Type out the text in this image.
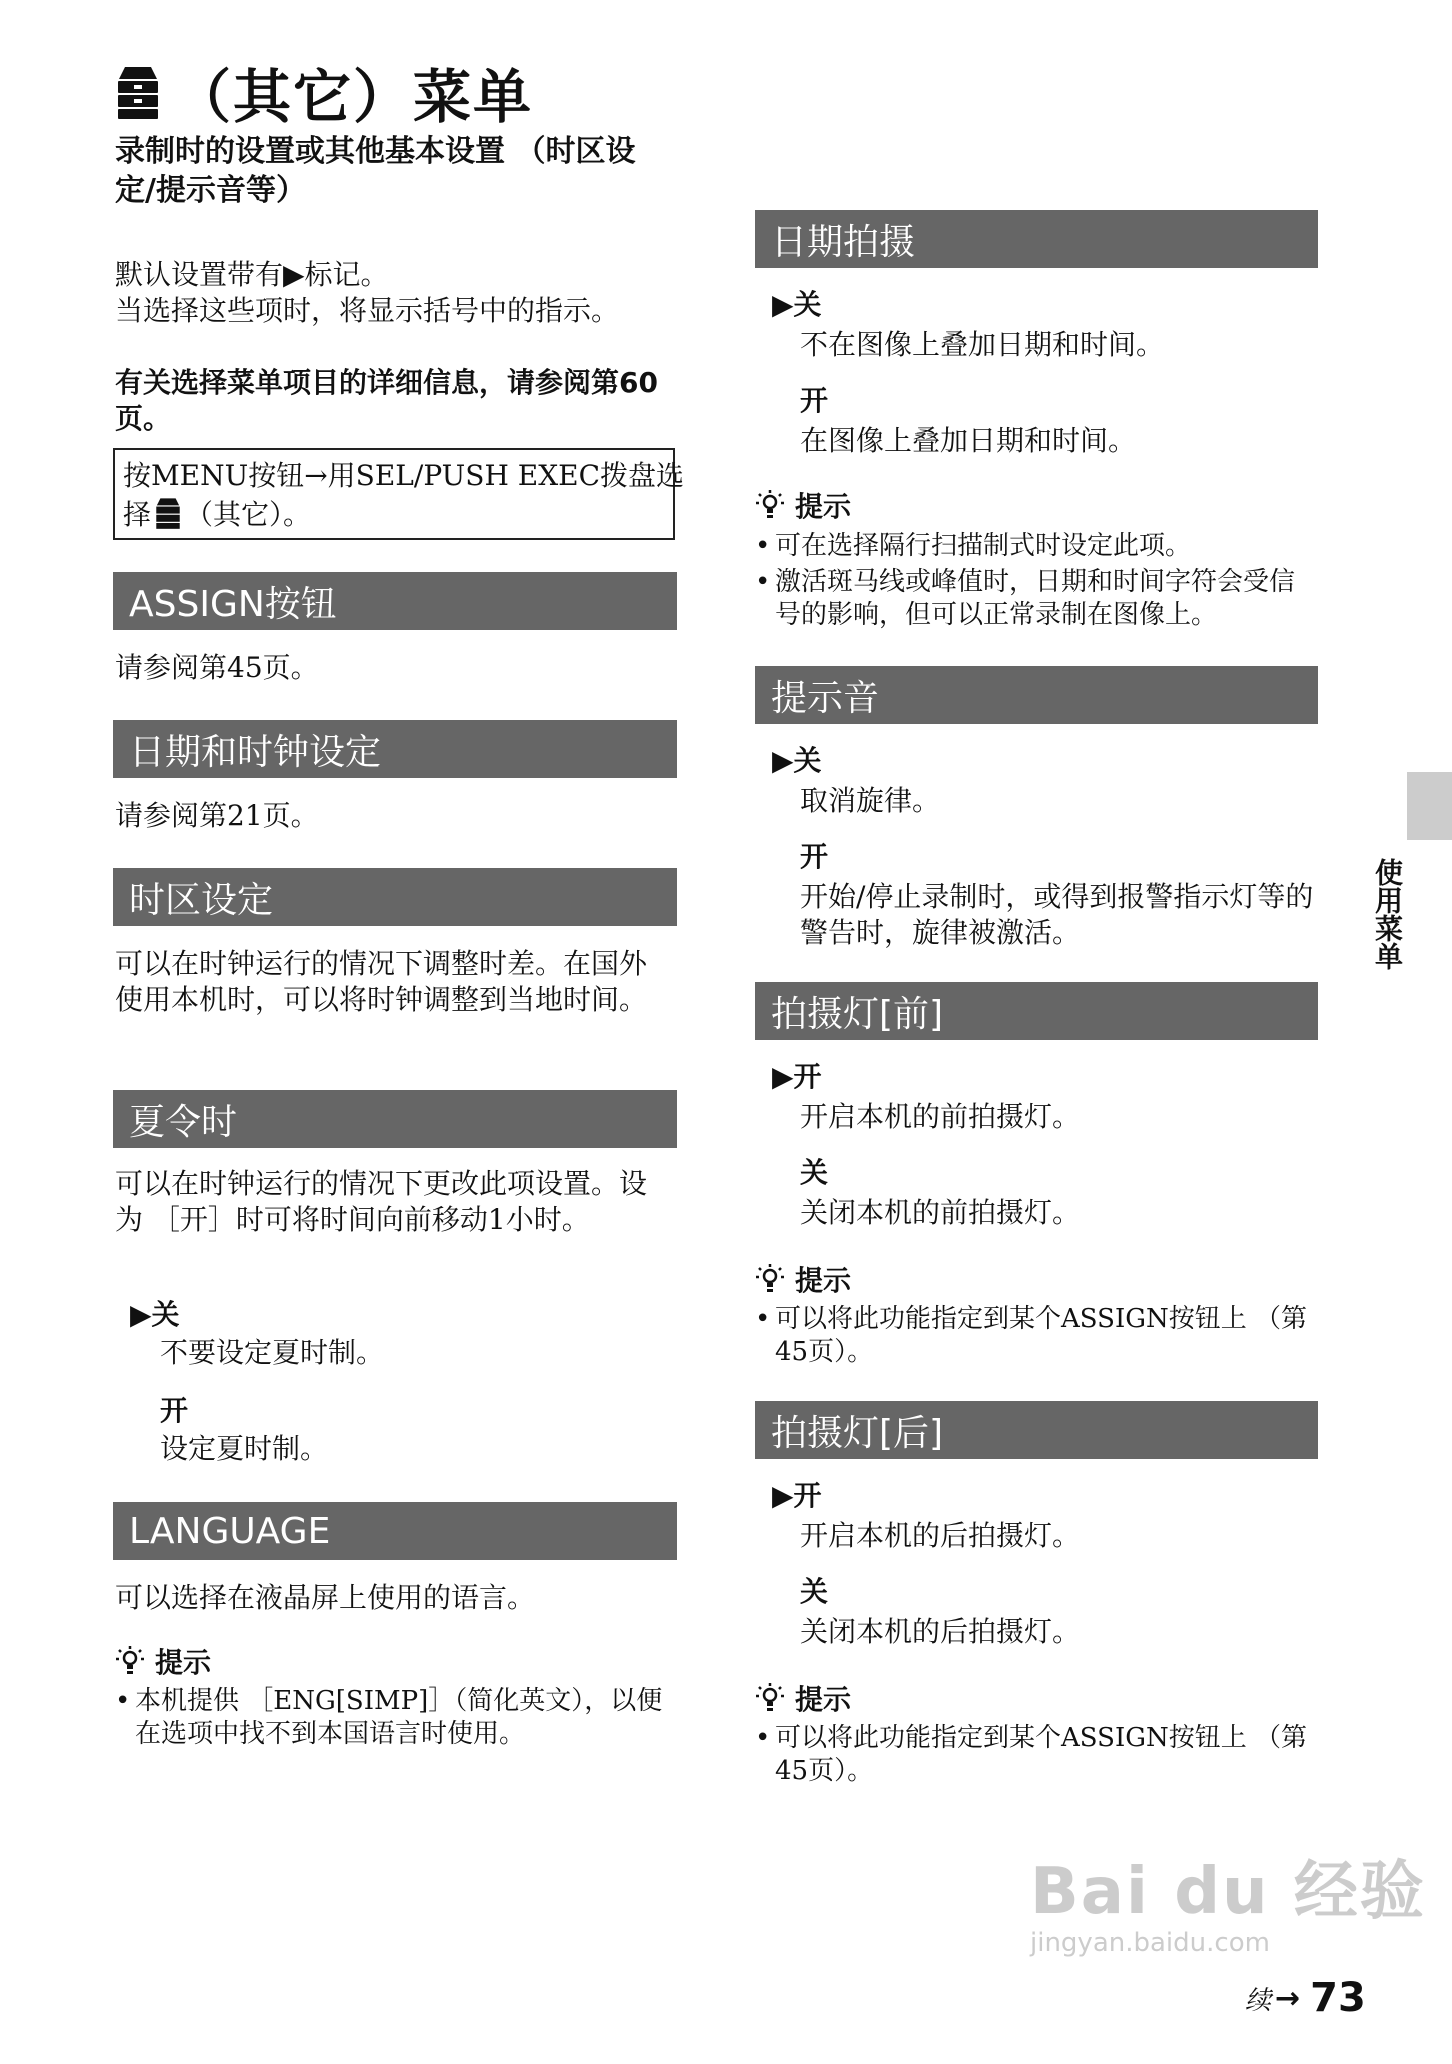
（其它）菜单
录制时的设置或其他基本设置 （时区设定/提示音等）
默认设置带有▶标记。
当选择这些项时，将显示括号中的指示。
有关选择菜单项目的详细信息，请参阅第60页。
按MENU按钮→用SEL/PUSH EXEC拨盘选
择 （其它）。
ASSIGN按钮
请参阅第45页。
日期和时钟设定
请参阅第21页。
时区设定
可以在时钟运行的情况下调整时差。在国外使用本机时，可以将时钟调整到当地时间。
夏令时
可以在时钟运行的情况下更改此项设置。设为 ［开］时可将时间向前移动1小时。
▶关
不要设定夏时制。
开
设定夏时制。
LANGUAGE
可以选择在液晶屏上使用的语言。
提示
• 本机提供 ［ENG[SIMP]］（简化英文），以便在选项中找不到本国语言时使用。
日期拍摄
▶关
不在图像上叠加日期和时间。
开
在图像上叠加日期和时间。
提示
• 可在选择隔行扫描制式时设定此项。
• 激活斑马线或峰值时，日期和时间字符会受信号的影响，但可以正常录制在图像上。
提示音
▶关
取消旋律。
开
开始/停止录制时，或得到报警指示灯等的警告时，旋律被激活。
拍摄灯[前]
▶开
开启本机的前拍摄灯。
关
关闭本机的前拍摄灯。
提示
• 可以将此功能指定到某个ASSIGN按钮上 （第45页）。
拍摄灯[后]
▶开
开启本机的后拍摄灯。
关
关闭本机的后拍摄灯。
提示
• 可以将此功能指定到某个ASSIGN按钮上 （第45页）。
使用菜单
Bai du 经验
jingyan.baidu.com
续 → 73
